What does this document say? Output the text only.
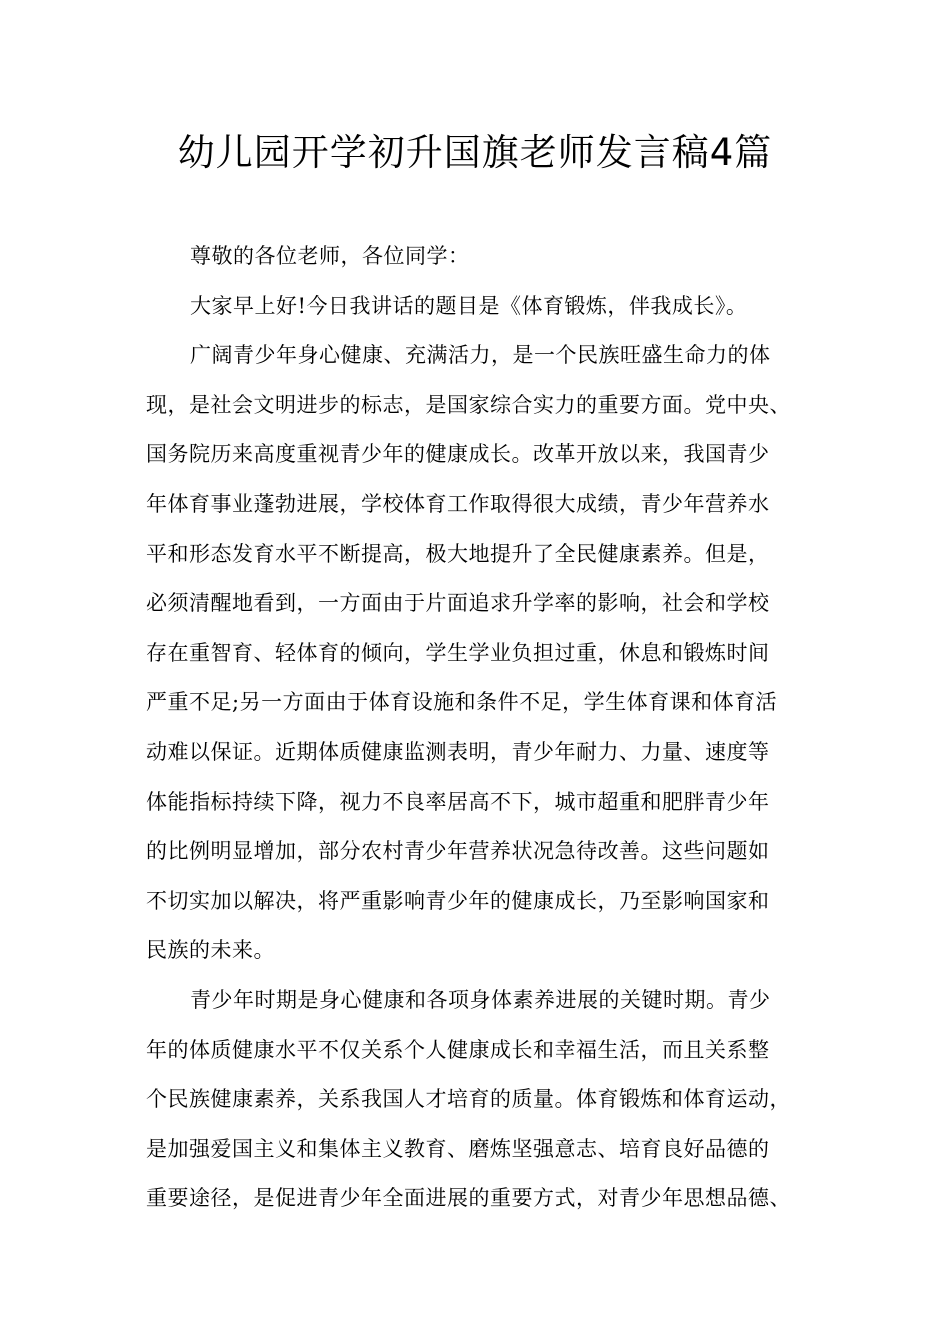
幼儿园开学初升国旗老师发言稿4篇
尊敬的各位老师，各位同学：
大家早上好!今日我讲话的题目是《体育锻炼，伴我成长》。
广阔青少年身心健康、充满活力，是一个民族旺盛生命力的体
现，是社会文明进步的标志，是国家综合实力的重要方面。党中央、
国务院历来高度重视青少年的健康成长。改革开放以来，我国青少
年体育事业蓬勃进展，学校体育工作取得很大成绩，青少年营养水
平和形态发育水平不断提高，极大地提升了全民健康素养。但是，
必须清醒地看到，一方面由于片面追求升学率的影响，社会和学校
存在重智育、轻体育的倾向，学生学业负担过重，休息和锻炼时间
严重不足;另一方面由于体育设施和条件不足，学生体育课和体育活
动难以保证。近期体质健康监测表明，青少年耐力、力量、速度等
体能指标持续下降，视力不良率居高不下，城市超重和肥胖青少年
的比例明显增加，部分农村青少年营养状况急待改善。这些问题如
不切实加以解决，将严重影响青少年的健康成长，乃至影响国家和
民族的未来。
青少年时期是身心健康和各项身体素养进展的关键时期。青少
年的体质健康水平不仅关系个人健康成长和幸福生活，而且关系整
个民族健康素养，关系我国人才培育的质量。体育锻炼和体育运动，
是加强爱国主义和集体主义教育、磨炼坚强意志、培育良好品德的
重要途径，是促进青少年全面进展的重要方式，对青少年思想品德、
